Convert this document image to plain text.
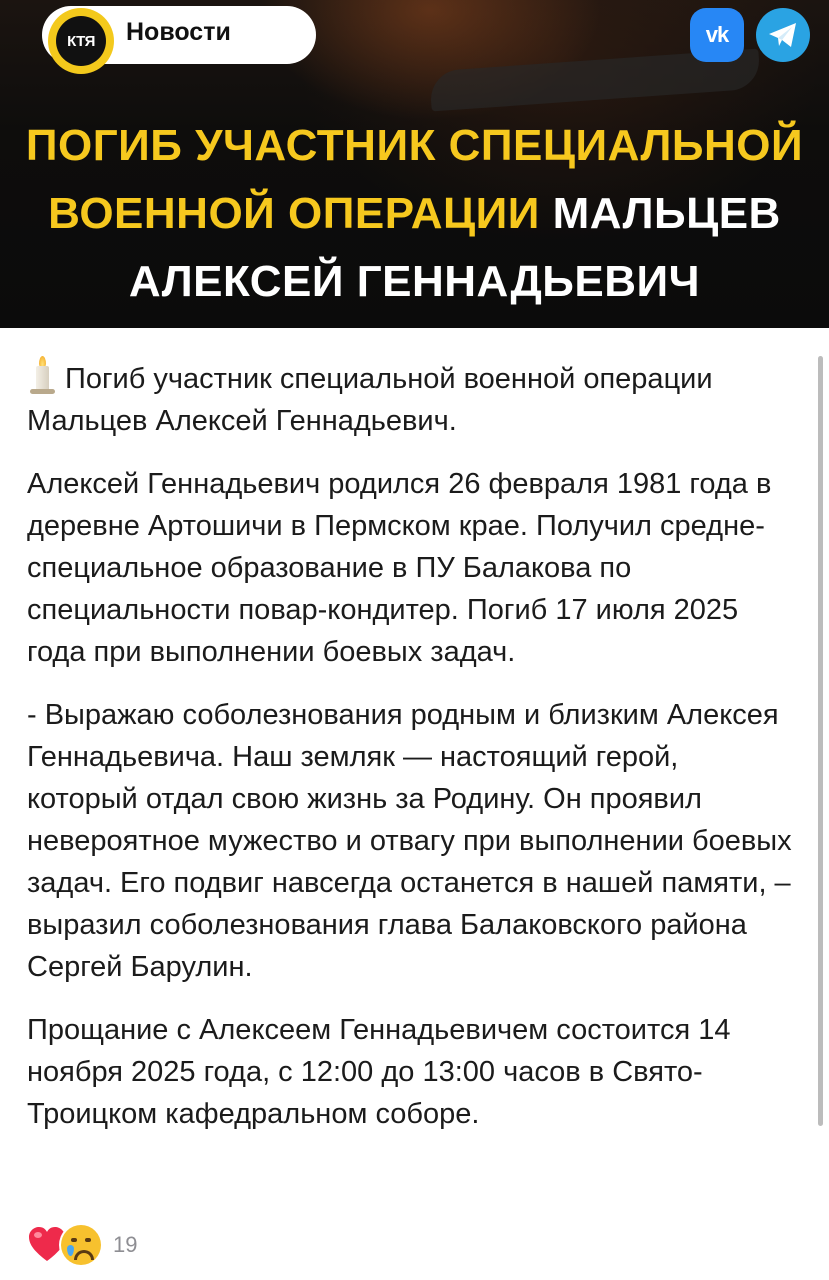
КТЯ	Новости	vk
ПОГИБ УЧАСТНИК СПЕЦИАЛЬНОЙ
ВОЕННОЙ ОПЕРАЦИИ МАЛЬЦЕВ
АЛЕКСЕЙ ГЕННАДЬЕВИЧ

Погиб участник специальной военной операции Мальцев Алексей Геннадьевич.

Алексей Геннадьевич родился 26 февраля 1981 года в деревне Артошичи в Пермском крае. Получил средне-специальное образование в ПУ Балакова по специальности повар-кондитер. Погиб 17 июля 2025 года при выполнении боевых задач.

- Выражаю соболезнования родным и близким Алексея Геннадьевича. Наш земляк — настоящий герой, который отдал свою жизнь за Родину. Он проявил невероятное мужество и отвагу при выполнении боевых задач. Его подвиг навсегда останется в нашей памяти, – выразил соболезнования глава Балаковского района Сергей Барулин.

Прощание с Алексеем Геннадьевичем состоится 14 ноября 2025 года, с 12:00 до 13:00 часов в Свято-Троицком кафедральном соборе.

19
